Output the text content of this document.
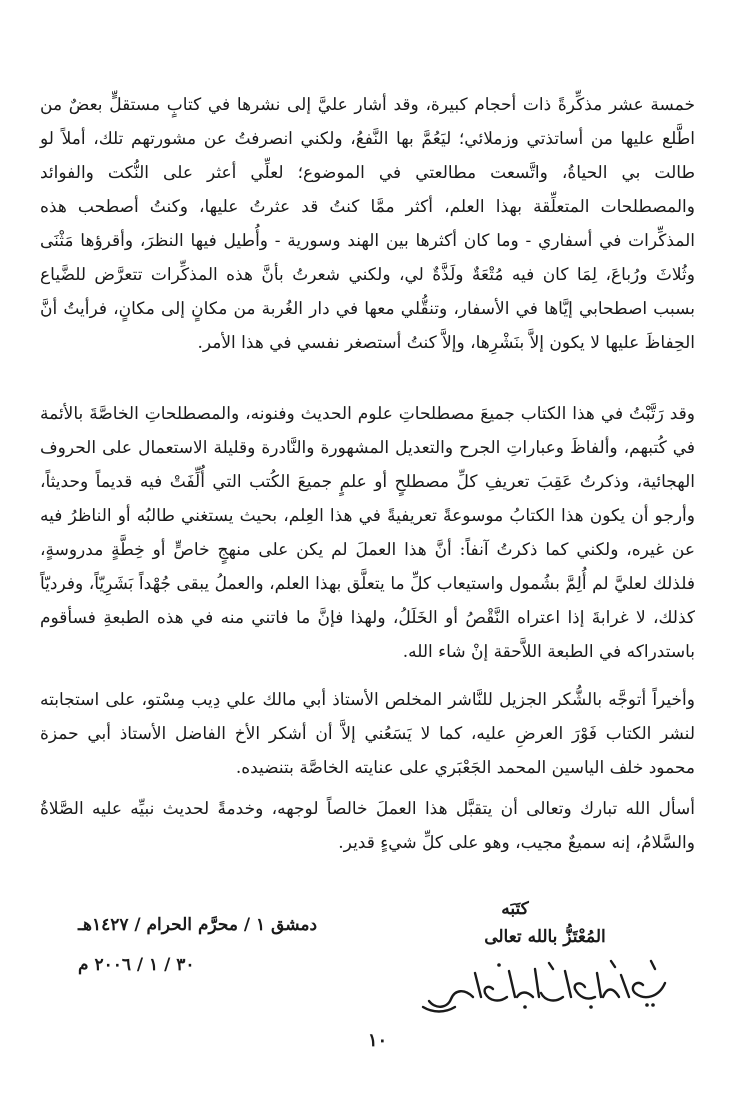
خمسة عشر مذكِّرةً ذات أحجام كبيرة، وقد أشار عليَّ إلى نشرها في كتابٍ مستقلٍّ بعضٌ من اطَّلع عليها من أساتذتي وزملائي؛ ليَعُمَّ بها النَّفعُ، ولكني انصرفتُ عن مشورتهم تلك، أملاً لو طالت بي الحياةُ، واتَّسعت مطالعتي في الموضوع؛ لعلِّي أعثر على النُّكت والفوائد والمصطلحات المتعلِّقة بهذا العلم، أكثر ممَّا كنتُ قد عثرتُ عليها، وكنتُ أصطحب هذه المذكِّرات في أسفاري - وما كان أكثرها بين الهند وسورية - وأُطيل فيها النظرَ، وأقرؤها مَثْنَى وثُلاثَ ورُباعَ، لِمَا كان فيه مُتْعَةٌ ولَذَّةٌ لي، ولكني شعرتُ بأنَّ هذه المذكِّرات تتعرَّض للضَّياع بسبب اصطحابي إيَّاها في الأسفار، وتنقُّلي معها في دار الغُربة من مكانٍ إلى مكانٍ، فرأيتُ أنَّ الحِفاظَ عليها لا يكون إلاَّ بنَشْرِها، وإلاَّ كنتُ أستصغر نفسي في هذا الأمر.

وقد رَتَّبْتُ في هذا الكتاب جميعَ مصطلحاتِ علوم الحديث وفنونه، والمصطلحاتِ الخاصَّةَ بالأئمة في كُتبهم، وألفاظَ وعباراتِ الجرح والتعديل المشهورة والنَّادرة وقليلة الاستعمال على الحروف الهجائية، وذكرتُ عَقِبَ تعريفِ كلِّ مصطلحٍ أو علمٍ جميعَ الكُتب التي أُلِّفَتْ فيه قديماً وحديثاً، وأرجو أن يكون هذا الكتابُ موسوعةً تعريفيةً في هذا العِلم، بحيث يستغني طالبُه أو الناظرُ فيه عن غيره، ولكني كما ذكرتُ آنفاً: أنَّ هذا العملَ لم يكن على منهجٍ خاصٍّ أو خِطَّةٍ مدروسةٍ، فلذلك لعليَّ لم أُلِمَّ بشُمول واستيعاب كلِّ ما يتعلَّق بهذا العلم، والعملُ يبقى جُهْداً بَشَرِيّاً، وفرديّاً كذلك، لا غرابةَ إذا اعتراه النَّقْصُ أو الخَلَلُ، ولهذا فإنَّ ما فاتني منه في هذه الطبعةِ فسأقوم باستدراكه في الطبعة اللاَّحقة إنْ شاء الله.

وأخيراً أتوجَّه بالشُّكر الجزيل للنَّاشر المخلص الأستاذ أبي مالك علي دِيب مِسْتو، على استجابته لنشر الكتاب فَوْرَ العرضِ عليه، كما لا يَسَعُني إلاَّ أن أشكر الأخ الفاضل الأستاذ أبي حمزة محمود خلف الياسين المحمد الجَعْبَري على عنايته الخاصَّة بتنضيده.

أسأل الله تبارك وتعالى أن يتقبَّل هذا العملَ خالصاً لوجهه، وخدمةً لحديث نبيِّه عليه الصَّلاةُ والسَّلامُ، إنه سميعٌ مجيب، وهو على كلِّ شيءٍ قدير.

كتَبَه
المُعْتَزُّ بالله تعالى
دمشق ١ / محرَّم الحرام / ١٤٢٧هـ
٣٠ / ١ / ٢٠٠٦ م
١٠
